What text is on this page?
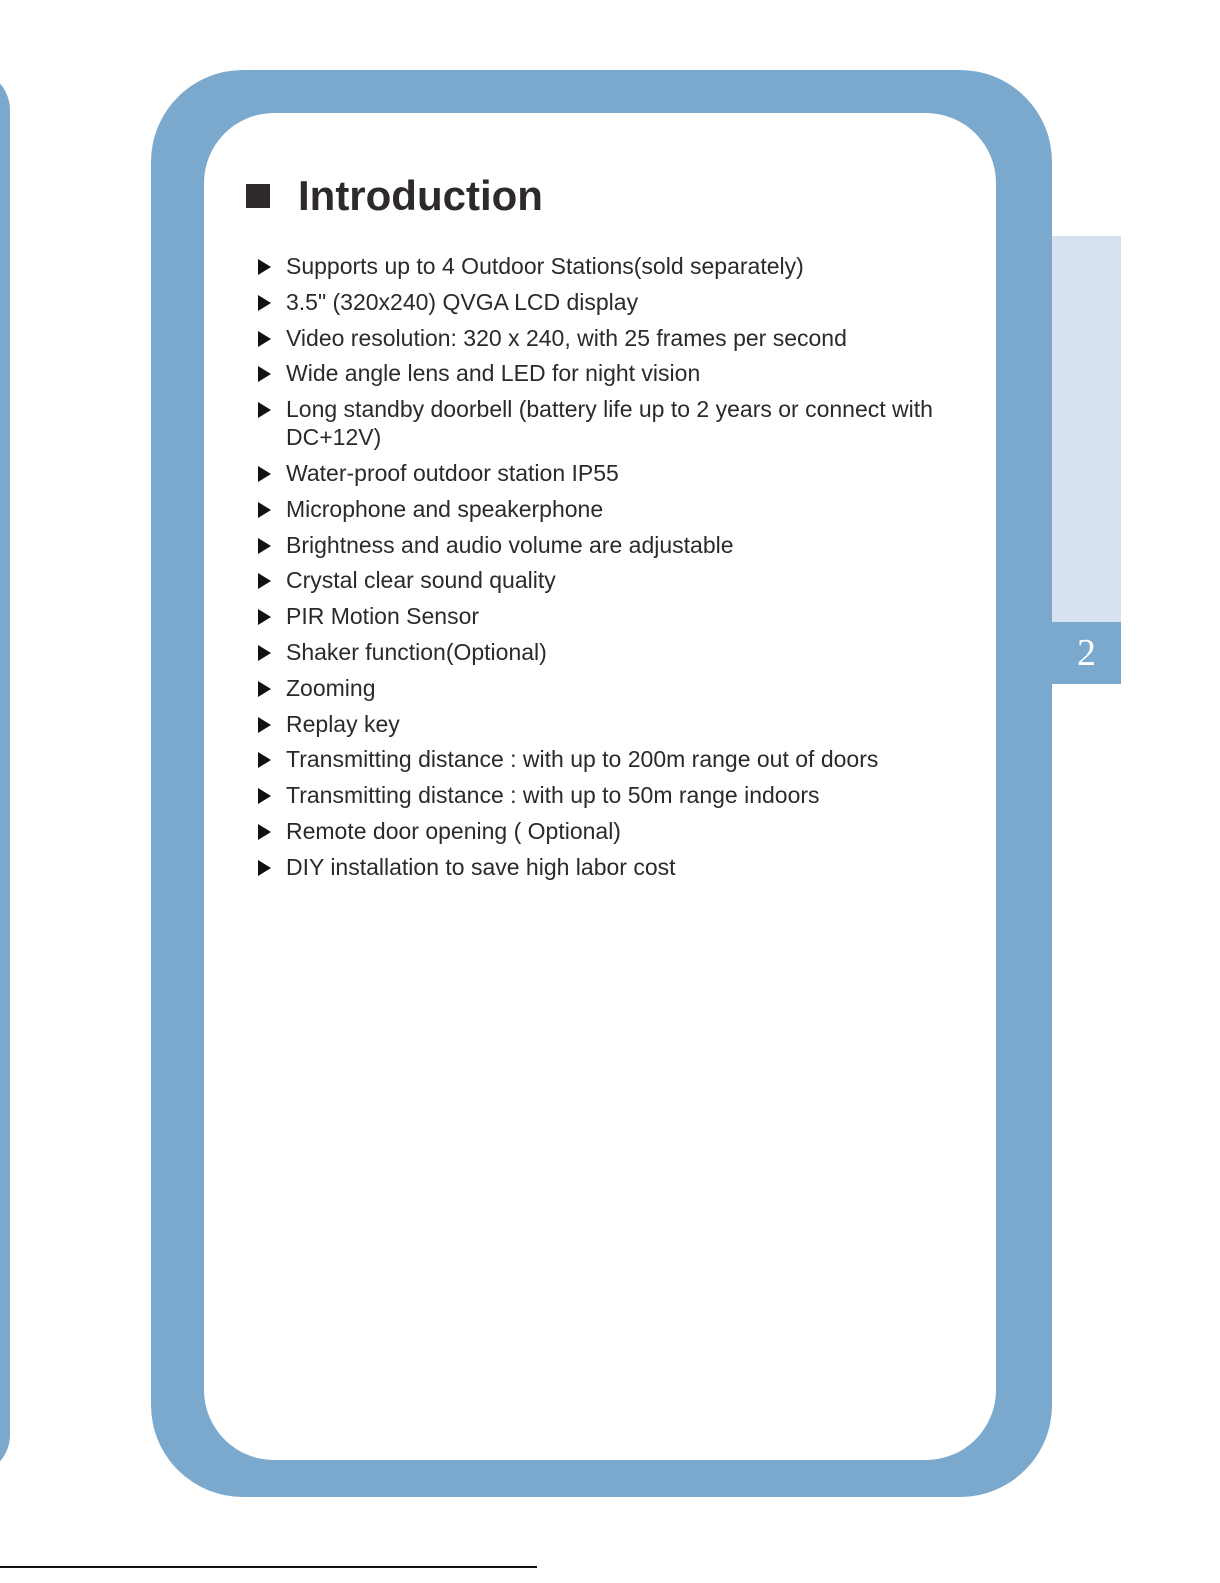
2
Introduction
Supports up to 4 Outdoor Stations(sold separately)
3.5" (320x240) QVGA LCD display
Video resolution: 320 x 240, with 25 frames per second
Wide angle lens and LED for night vision
Long standby doorbell (battery life up to 2 years or connect with DC+12V)
Water-proof outdoor station IP55
Microphone and speakerphone
Brightness and audio volume are adjustable
Crystal clear sound quality
PIR Motion Sensor
Shaker function(Optional)
Zooming
Replay key
Transmitting distance : with up to 200m range out of doors
Transmitting distance : with up to 50m range indoors
Remote door opening ( Optional)
DIY installation to save high labor cost
